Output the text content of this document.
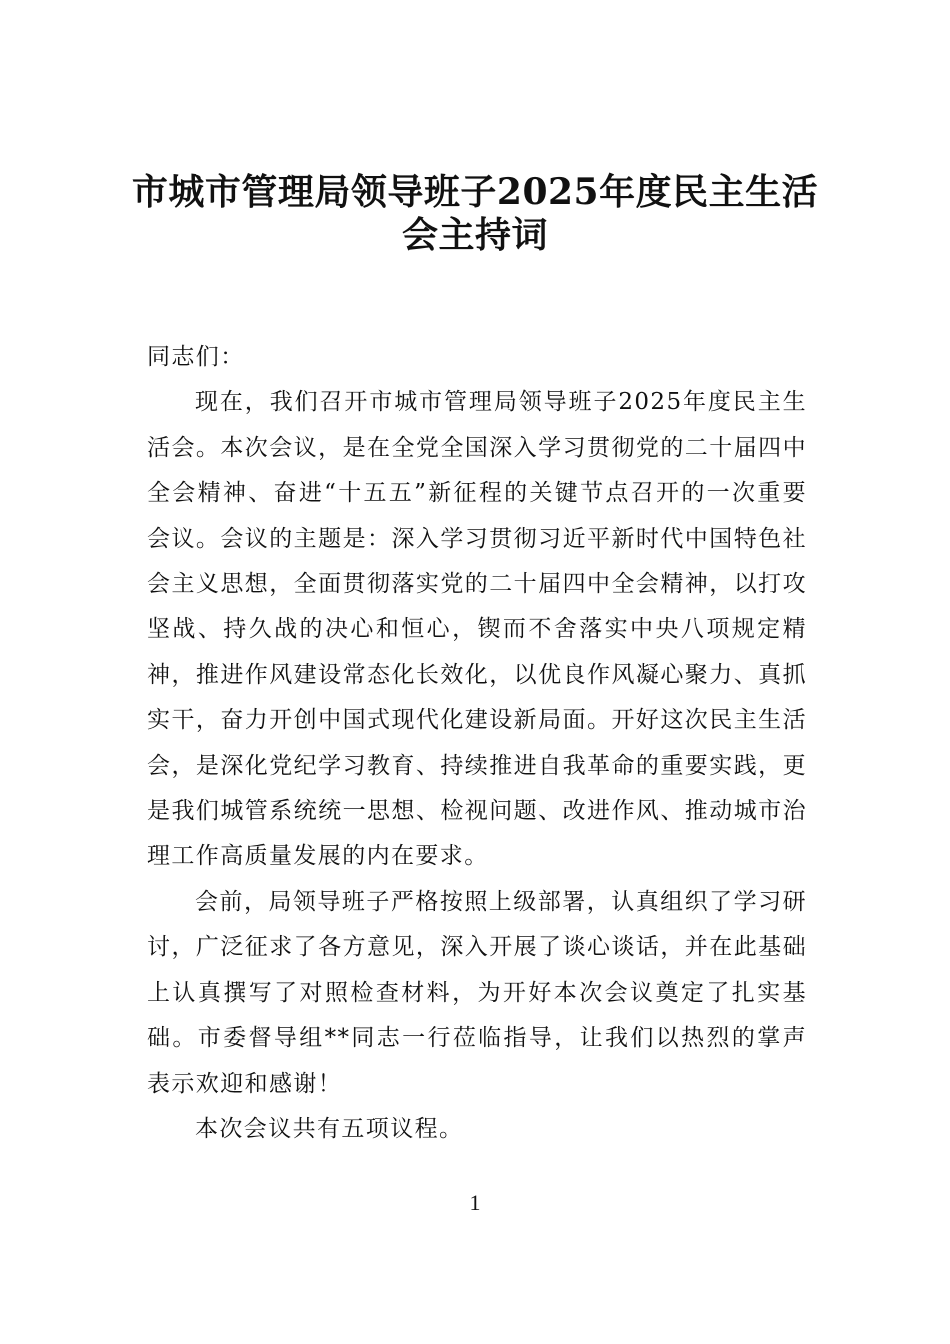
市城市管理局领导班子2025年度民主生活
会主持词

同志们：

现在，我们召开市城市管理局领导班子2025年度民主生活会。本次会议，是在全党全国深入学习贯彻党的二十届四中全会精神、奋进“十五五”新征程的关键节点召开的一次重要会议。会议的主题是：深入学习贯彻习近平新时代中国特色社会主义思想，全面贯彻落实党的二十届四中全会精神，以打攻坚战、持久战的决心和恒心，锲而不舍落实中央八项规定精神，推进作风建设常态化长效化，以优良作风凝心聚力、真抓实干，奋力开创中国式现代化建设新局面。开好这次民主生活会，是深化党纪学习教育、持续推进自我革命的重要实践，更是我们城管系统统一思想、检视问题、改进作风、推动城市治理工作高质量发展的内在要求。

会前，局领导班子严格按照上级部署，认真组织了学习研讨，广泛征求了各方意见，深入开展了谈心谈话，并在此基础上认真撰写了对照检查材料，为开好本次会议奠定了扎实基础。市委督导组**同志一行莅临指导，让我们以热烈的掌声表示欢迎和感谢！

本次会议共有五项议程。

1
